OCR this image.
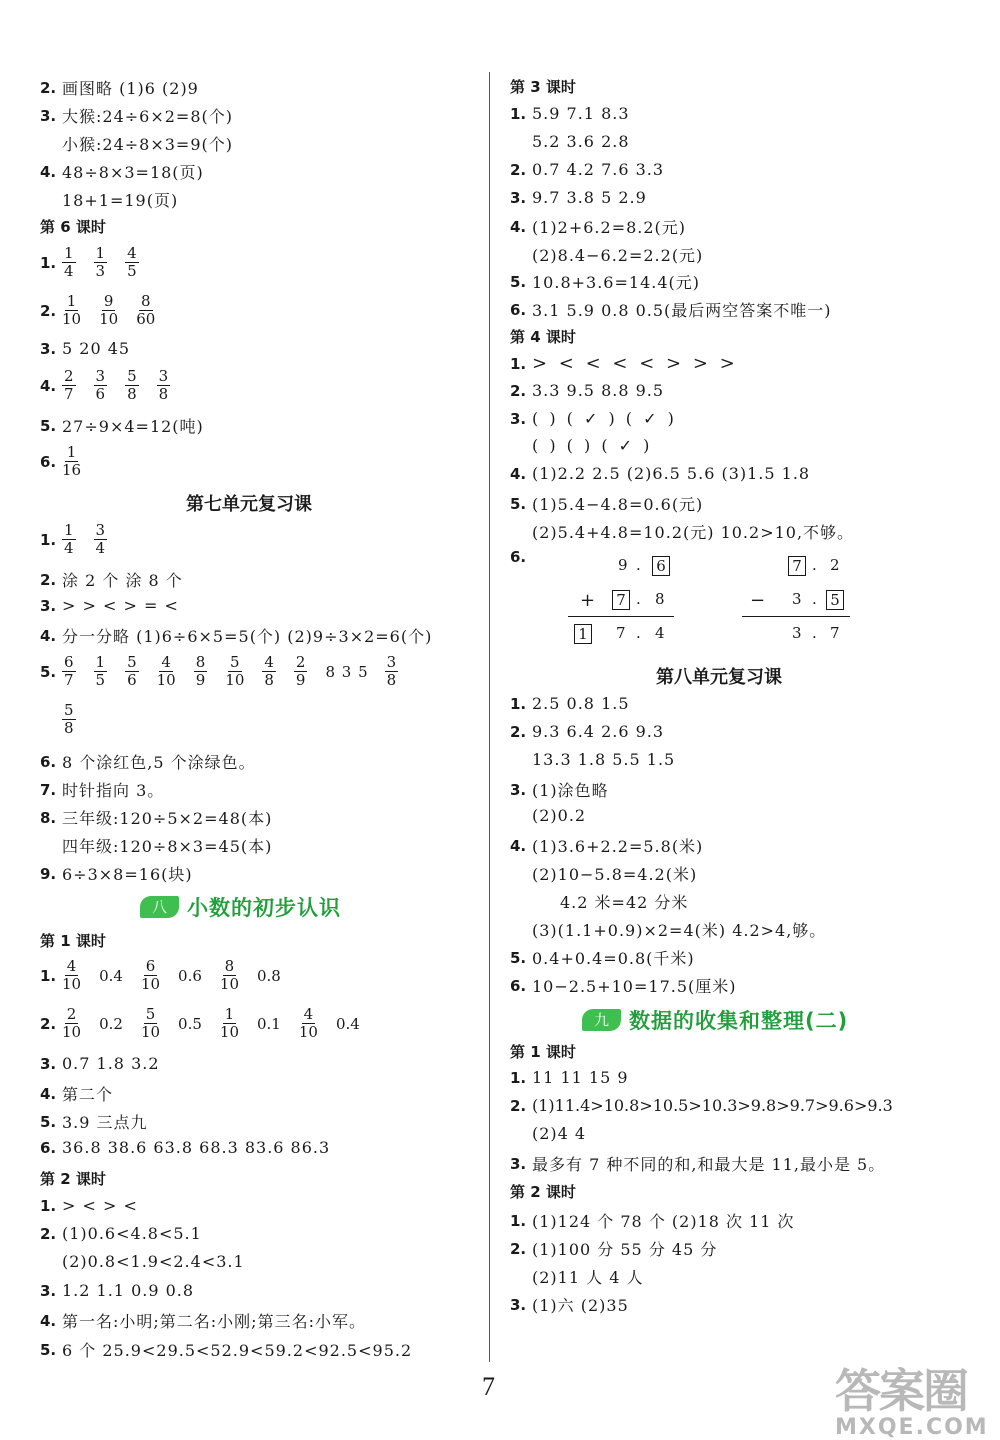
2. 画图略 (1)6 (2)9
3. 大猴:24÷6×2=8(个)
小猴:24÷8×3=9(个)
4. 48÷8×3=18(页)
18+1=19(页)
第 6 课时
1. $\frac{1}{4} \frac{1}{3} \frac{4}{5}$
2. $\frac{1}{10} \frac{9}{10} \frac{8}{60}$
3. 5 20 45
4. $\frac{2}{7} \frac{3}{6} \frac{5}{8} \frac{3}{8}$
5. 27÷9×4=12(吨)
6. $\frac{1}{16}$
第七单元复习课
1. $\frac{1}{4} \frac{3}{4}$
2. 涂 2 个 涂 8 个
3. > > < > = <
4. 分一分略 (1)6÷6×5=5(个) (2)9÷3×2=6(个)
5. $\frac{6}{7} \frac{1}{5} \frac{5}{6} \frac{4}{10} \frac{8}{9} \frac{5}{10} \frac{4}{8} \frac{2}{9} 8$ 3 $5 \frac{3}{8}$
$\frac{5}{8}$
6. 8 个涂红色,5 个涂绿色。
7. 时针指向 3。
8. 三年级:120÷5×2=48(本)
四年级:120÷8×3=45(本)
9. 6÷3×8=16(块)
八 小数的初步认识
第 1 课时
1. $\frac{4}{10} 0.4 \frac{6}{10} 0.6 \frac{8}{10} 0.8$
2. $\frac{2}{10} 0.2 \frac{5}{10} 0.5 \frac{1}{10} 0.1 \frac{4}{10} 0.4$
3. 0.7 1.8 3.2
4. 第二个
5. 3.9 三点九
6. 36.8 38.6 63.8 68.3 83.6 86.3
第 2 课时
1. > < > <
2. (1)0.6<4.8<5.1
(2)0.8<1.9<2.4<3.1
3. 1.2 1.1 0.9 0.8
4. 第一名:小明;第二名:小刚;第三名:小军。
5. 6 个 25.9<29.5<52.9<59.2<92.5<95.2
第 3 课时
1. 5.9 7.1 8.3
5.2 3.6 2.8
2. 0.7 4.2 7.6 3.3
3. 9.7 3.8 5 2.9
4. (1)2+6.2=8.2(元)
(2)8.4−6.2=2.2(元)
5. 10.8+3.6=14.4(元)
6. 3.1 5.9 0.8 0.5(最后两空答案不唯一)
第 4 课时
1. > < < < < > > >
2. 3.3 9.5 8.8 9.5
3. ( ) ( ✓ ) ( ✓ )
( ) ( ) ( ✓ )
4. (1)2.2 2.5 (2)6.5 5.6 (3)1.5 1.8
5. (1)5.4−4.8=0.6(元)
(2)5.4+4.8=10.2(元) 10.2>10,不够。
6.	9 . 6
+ 7 . 8
1 7 . 4
7 . 2
− 3 . 5
3 . 7
第八单元复习课
1. 2.5 0.8 1.5
2. 9.3 6.4 2.6 9.3
13.3 1.8 5.5 1.5
3. (1)涂色略
(2)0.2
4. (1)3.6+2.2=5.8(米)
(2)10−5.8=4.2(米)
4.2 米=42 分米
(3)(1.1+0.9)×2=4(米) 4.2>4,够。
5. 0.4+0.4=0.8(千米)
6. 10−2.5+10=17.5(厘米)
九 数据的收集和整理(二)
第 1 课时
1. 11 11 15 9
2. (1)11.4>10.8>10.5>10.3>9.8>9.7>9.6>9.3
(2)4 4
3. 最多有 7 种不同的和,和最大是 11,最小是 5。
第 2 课时
1. (1)124 个 78 个 (2)18 次 11 次
2. (1)100 分 55 分 45 分
(2)11 人 4 人
3. (1)六 (2)35
7	答案圈
MXQE.COM
